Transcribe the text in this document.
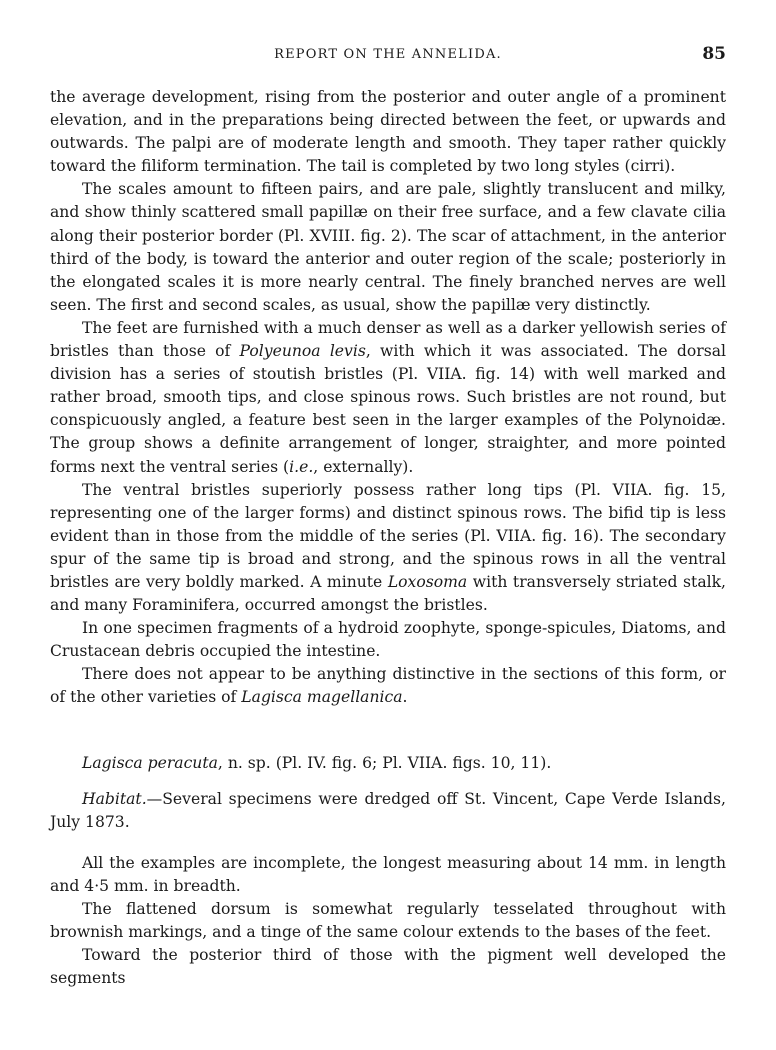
REPORT ON THE ANNELIDA.	85

the average development, rising from the posterior and outer angle of a prominent elevation, and in the preparations being directed between the feet, or upwards and outwards. The palpi are of moderate length and smooth. They taper rather quickly toward the filiform termination. The tail is completed by two long styles (cirri).

The scales amount to fifteen pairs, and are pale, slightly translucent and milky, and show thinly scattered small papillæ on their free surface, and a few clavate cilia along their posterior border (Pl. XVIII. fig. 2). The scar of attachment, in the anterior third of the body, is toward the anterior and outer region of the scale; posteriorly in the elongated scales it is more nearly central. The finely branched nerves are well seen. The first and second scales, as usual, show the papillæ very distinctly.

The feet are furnished with a much denser as well as a darker yellowish series of bristles than those of Polyeunoa levis, with which it was associated. The dorsal division has a series of stoutish bristles (Pl. VIIA. fig. 14) with well marked and rather broad, smooth tips, and close spinous rows. Such bristles are not round, but conspicuously angled, a feature best seen in the larger examples of the Polynoidæ. The group shows a definite arrangement of longer, straighter, and more pointed forms next the ventral series (i.e., externally).

The ventral bristles superiorly possess rather long tips (Pl. VIIA. fig. 15, representing one of the larger forms) and distinct spinous rows. The bifid tip is less evident than in those from the middle of the series (Pl. VIIA. fig. 16). The secondary spur of the same tip is broad and strong, and the spinous rows in all the ventral bristles are very boldly marked. A minute Loxosoma with transversely striated stalk, and many Foraminifera, occurred amongst the bristles.

In one specimen fragments of a hydroid zoophyte, sponge-spicules, Diatoms, and Crustacean debris occupied the intestine.

There does not appear to be anything distinctive in the sections of this form, or of the other varieties of Lagisca magellanica.

Lagisca peracuta, n. sp. (Pl. IV. fig. 6; Pl. VIIA. figs. 10, 11).

Habitat.—Several specimens were dredged off St. Vincent, Cape Verde Islands, July 1873.

All the examples are incomplete, the longest measuring about 14 mm. in length and 4·5 mm. in breadth.

The flattened dorsum is somewhat regularly tesselated throughout with brownish markings, and a tinge of the same colour extends to the bases of the feet.

Toward the posterior third of those with the pigment well developed the segments
